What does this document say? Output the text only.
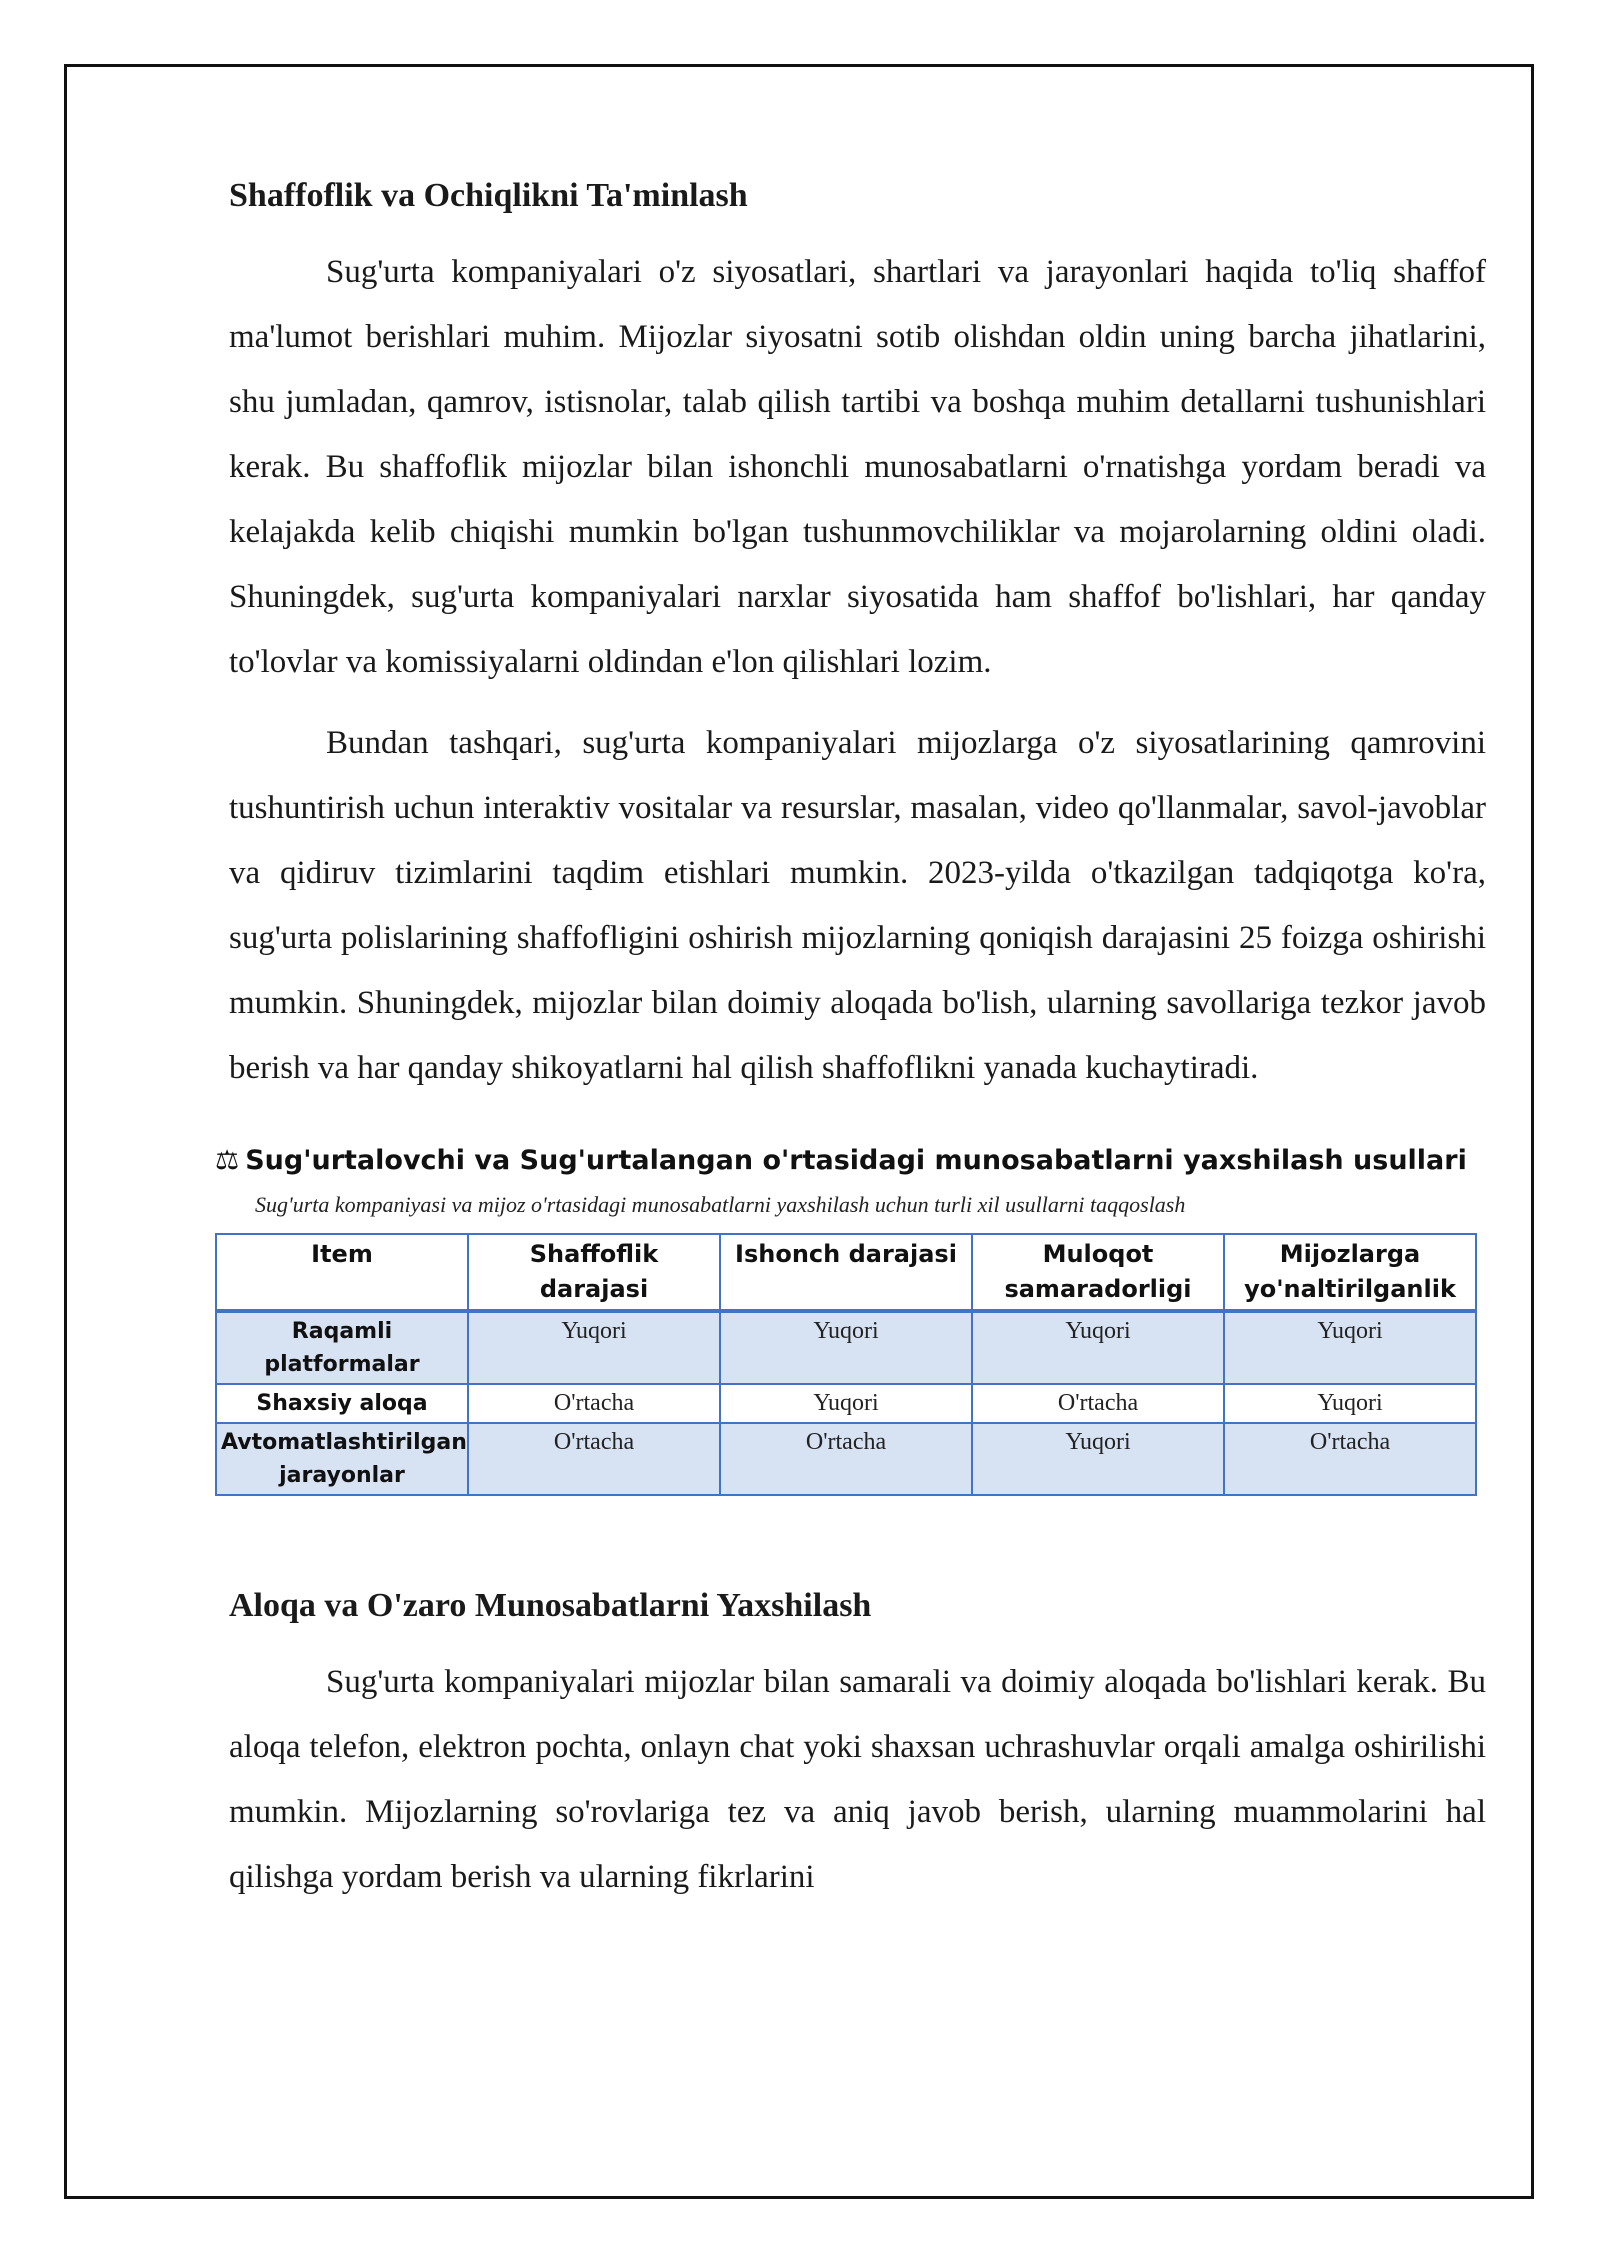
Shaffoflik va Ochiqlikni Ta'minlash

Sug'urta kompaniyalari o'z siyosatlari, shartlari va jarayonlari haqida to'liq shaffof ma'lumot berishlari muhim. Mijozlar siyosatni sotib olishdan oldin uning barcha jihatlarini, shu jumladan, qamrov, istisnolar, talab qilish tartibi va boshqa muhim detallarni tushunishlari kerak. Bu shaffoflik mijozlar bilan ishonchli munosabatlarni o'rnatishga yordam beradi va kelajakda kelib chiqishi mumkin bo'lgan tushunmovchiliklar va mojarolarning oldini oladi. Shuningdek, sug'urta kompaniyalari narxlar siyosatida ham shaffof bo'lishlari, har qanday to'lovlar va komissiyalarni oldindan e'lon qilishlari lozim.

Bundan tashqari, sug'urta kompaniyalari mijozlarga o'z siyosatlarining qamrovini tushuntirish uchun interaktiv vositalar va resurslar, masalan, video qo'llanmalar, savol-javoblar va qidiruv tizimlarini taqdim etishlari mumkin. 2023-yilda o'tkazilgan tadqiqotga ko'ra, sug'urta polislarining shaffofligini oshirish mijozlarning qoniqish darajasini 25 foizga oshirishi mumkin. Shuningdek, mijozlar bilan doimiy aloqada bo'lish, ularning savollariga tezkor javob berish va har qanday shikoyatlarni hal qilish shaffoflikni yanada kuchaytiradi.

⚖ Sug'urtalovchi va Sug'urtalangan o'rtasidagi munosabatlarni yaxshilash usullari
Sug'urta kompaniyasi va mijoz o'rtasidagi munosabatlarni yaxshilash uchun turli xil usullarni taqqoslash
Item	Shaffoflik darajasi	Ishonch darajasi	Muloqot samaradorligi	Mijozlarga yo'naltirilganlik
Raqamli platformalar	Yuqori	Yuqori	Yuqori	Yuqori
Shaxsiy aloqa	O'rtacha	Yuqori	O'rtacha	Yuqori
Avtomatlashtirilgan jarayonlar	O'rtacha	O'rtacha	Yuqori	O'rtacha
Aloqa va O'zaro Munosabatlarni Yaxshilash

Sug'urta kompaniyalari mijozlar bilan samarali va doimiy aloqada bo'lishlari kerak. Bu aloqa telefon, elektron pochta, onlayn chat yoki shaxsan uchrashuvlar orqali amalga oshirilishi mumkin. Mijozlarning so'rovlariga tez va aniq javob berish, ularning muammolarini hal qilishga yordam berish va ularning fikrlarini
